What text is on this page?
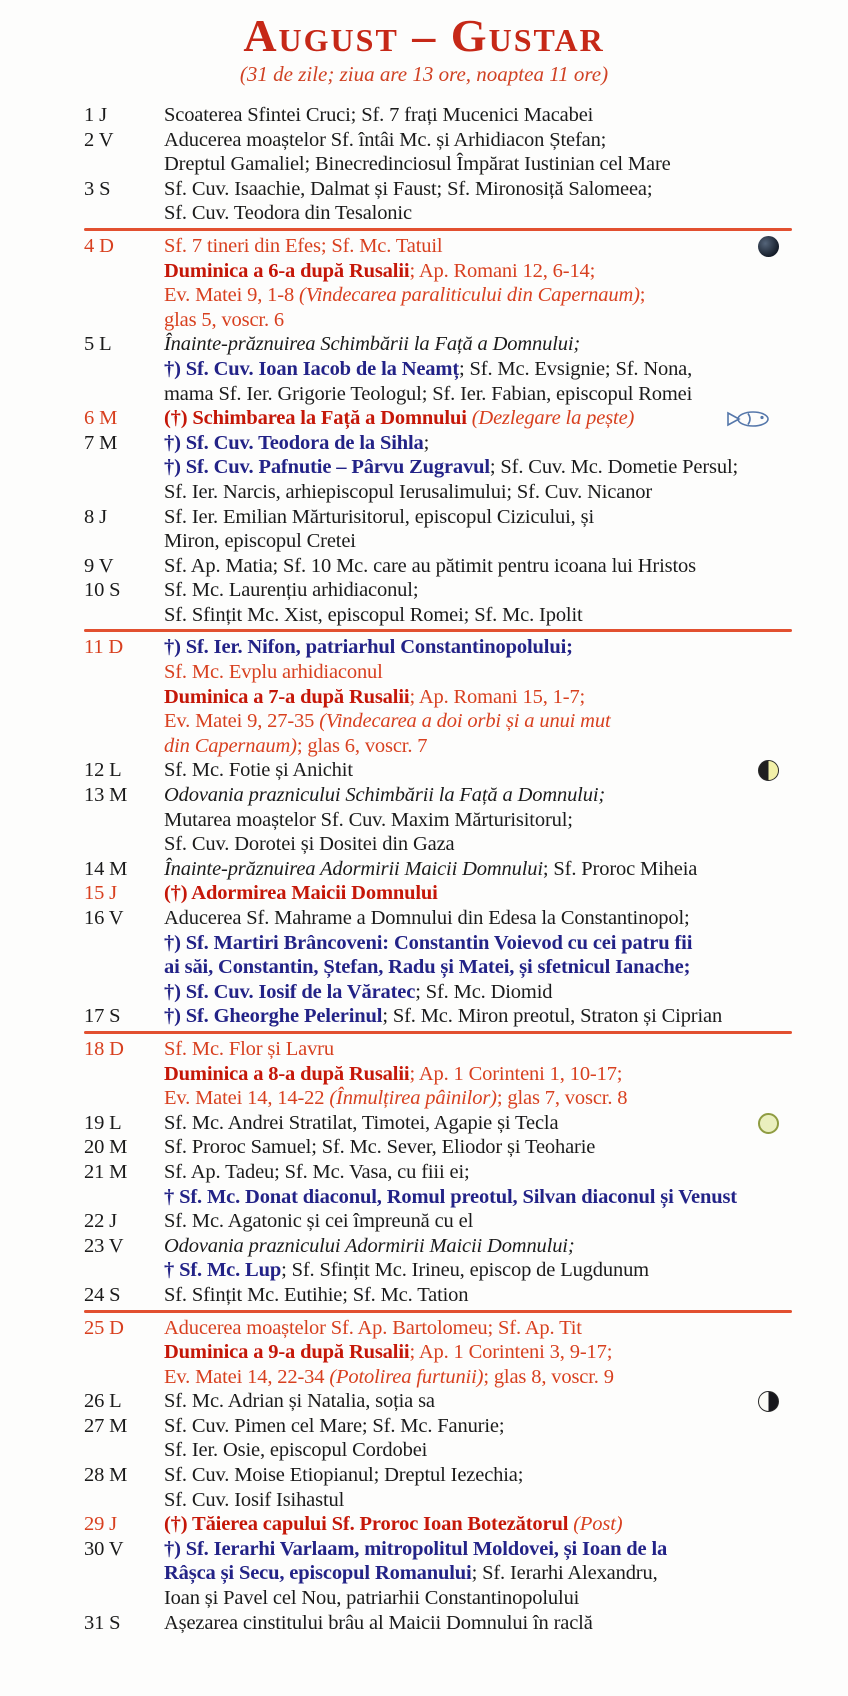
August – Gustar
(31 de zile; ziua are 13 ore, noaptea 11 ore)
1 J	Scoaterea Sfintei Cruci; Sf. 7 frați Mucenici Macabei
2 V	Aducerea moaștelor Sf. întâi Mc. și Arhidiacon Ștefan;
Dreptul Gamaliel; Binecredinciosul Împărat Iustinian cel Mare
3 S	Sf. Cuv. Isaachie, Dalmat și Faust; Sf. Mironosiță Salomeea;
Sf. Cuv. Teodora din Tesalonic
4 D	Sf. 7 tineri din Efes; Sf. Mc. Tatuil
Duminica a 6-a după Rusalii; Ap. Romani 12, 6-14;
Ev. Matei 9, 1-8 (Vindecarea paraliticului din Capernaum);
glas 5, voscr. 6
5 L	Înainte-prăznuirea Schimbării la Față a Domnului;
†) Sf. Cuv. Ioan Iacob de la Neamț; Sf. Mc. Evsignie; Sf. Nona,
mama Sf. Ier. Grigorie Teologul; Sf. Ier. Fabian, episcopul Romei
6 M	(†) Schimbarea la Față a Domnului (Dezlegare la pește)
7 M	†) Sf. Cuv. Teodora de la Sihla;
†) Sf. Cuv. Pafnutie – Pârvu Zugravul; Sf. Cuv. Mc. Dometie Persul;
Sf. Ier. Narcis, arhiepiscopul Ierusalimului; Sf. Cuv. Nicanor
8 J	Sf. Ier. Emilian Mărturisitorul, episcopul Cizicului, și
Miron, episcopul Cretei
9 V	Sf. Ap. Matia; Sf. 10 Mc. care au pătimit pentru icoana lui Hristos
10 S	Sf. Mc. Laurențiu arhidiaconul;
Sf. Sfințit Mc. Xist, episcopul Romei; Sf. Mc. Ipolit
11 D	†) Sf. Ier. Nifon, patriarhul Constantinopolului;
Sf. Mc. Evplu arhidiaconul
Duminica a 7-a după Rusalii; Ap. Romani 15, 1-7;
Ev. Matei 9, 27-35 (Vindecarea a doi orbi și a unui mut
din Capernaum); glas 6, voscr. 7
12 L	Sf. Mc. Fotie și Anichit
13 M	Odovania praznicului Schimbării la Față a Domnului;
Mutarea moaștelor Sf. Cuv. Maxim Mărturisitorul;
Sf. Cuv. Dorotei și Dositei din Gaza
14 M	Înainte-prăznuirea Adormirii Maicii Domnului; Sf. Proroc Miheia
15 J	(†) Adormirea Maicii Domnului
16 V	Aducerea Sf. Mahrame a Domnului din Edesa la Constantinopol;
†) Sf. Martiri Brâncoveni: Constantin Voievod cu cei patru fii
ai săi, Constantin, Ștefan, Radu și Matei, și sfetnicul Ianache;
†) Sf. Cuv. Iosif de la Văratec; Sf. Mc. Diomid
17 S	†) Sf. Gheorghe Pelerinul; Sf. Mc. Miron preotul, Straton și Ciprian
18 D	Sf. Mc. Flor și Lavru
Duminica a 8-a după Rusalii; Ap. 1 Corinteni 1, 10-17;
Ev. Matei 14, 14-22 (Înmulțirea pâinilor); glas 7, voscr. 8
19 L	Sf. Mc. Andrei Stratilat, Timotei, Agapie și Tecla
20 M	Sf. Proroc Samuel; Sf. Mc. Sever, Eliodor și Teoharie
21 M	Sf. Ap. Tadeu; Sf. Mc. Vasa, cu fiii ei;
† Sf. Mc. Donat diaconul, Romul preotul, Silvan diaconul și Venust
22 J	Sf. Mc. Agatonic și cei împreună cu el
23 V	Odovania praznicului Adormirii Maicii Domnului;
† Sf. Mc. Lup; Sf. Sfințit Mc. Irineu, episcop de Lugdunum
24 S	Sf. Sfințit Mc. Eutihie; Sf. Mc. Tation
25 D	Aducerea moaștelor Sf. Ap. Bartolomeu; Sf. Ap. Tit
Duminica a 9-a după Rusalii; Ap. 1 Corinteni 3, 9-17;
Ev. Matei 14, 22-34 (Potolirea furtunii); glas 8, voscr. 9
26 L	Sf. Mc. Adrian și Natalia, soția sa
27 M	Sf. Cuv. Pimen cel Mare; Sf. Mc. Fanurie;
Sf. Ier. Osie, episcopul Cordobei
28 M	Sf. Cuv. Moise Etiopianul; Dreptul Iezechia;
Sf. Cuv. Iosif Isihastul
29 J	(†) Tăierea capului Sf. Proroc Ioan Botezătorul (Post)
30 V	†) Sf. Ierarhi Varlaam, mitropolitul Moldovei, și Ioan de la
Râșca și Secu, episcopul Romanului; Sf. Ierarhi Alexandru,
Ioan și Pavel cel Nou, patriarhii Constantinopolului
31 S	Așezarea cinstitului brâu al Maicii Domnului în raclă
